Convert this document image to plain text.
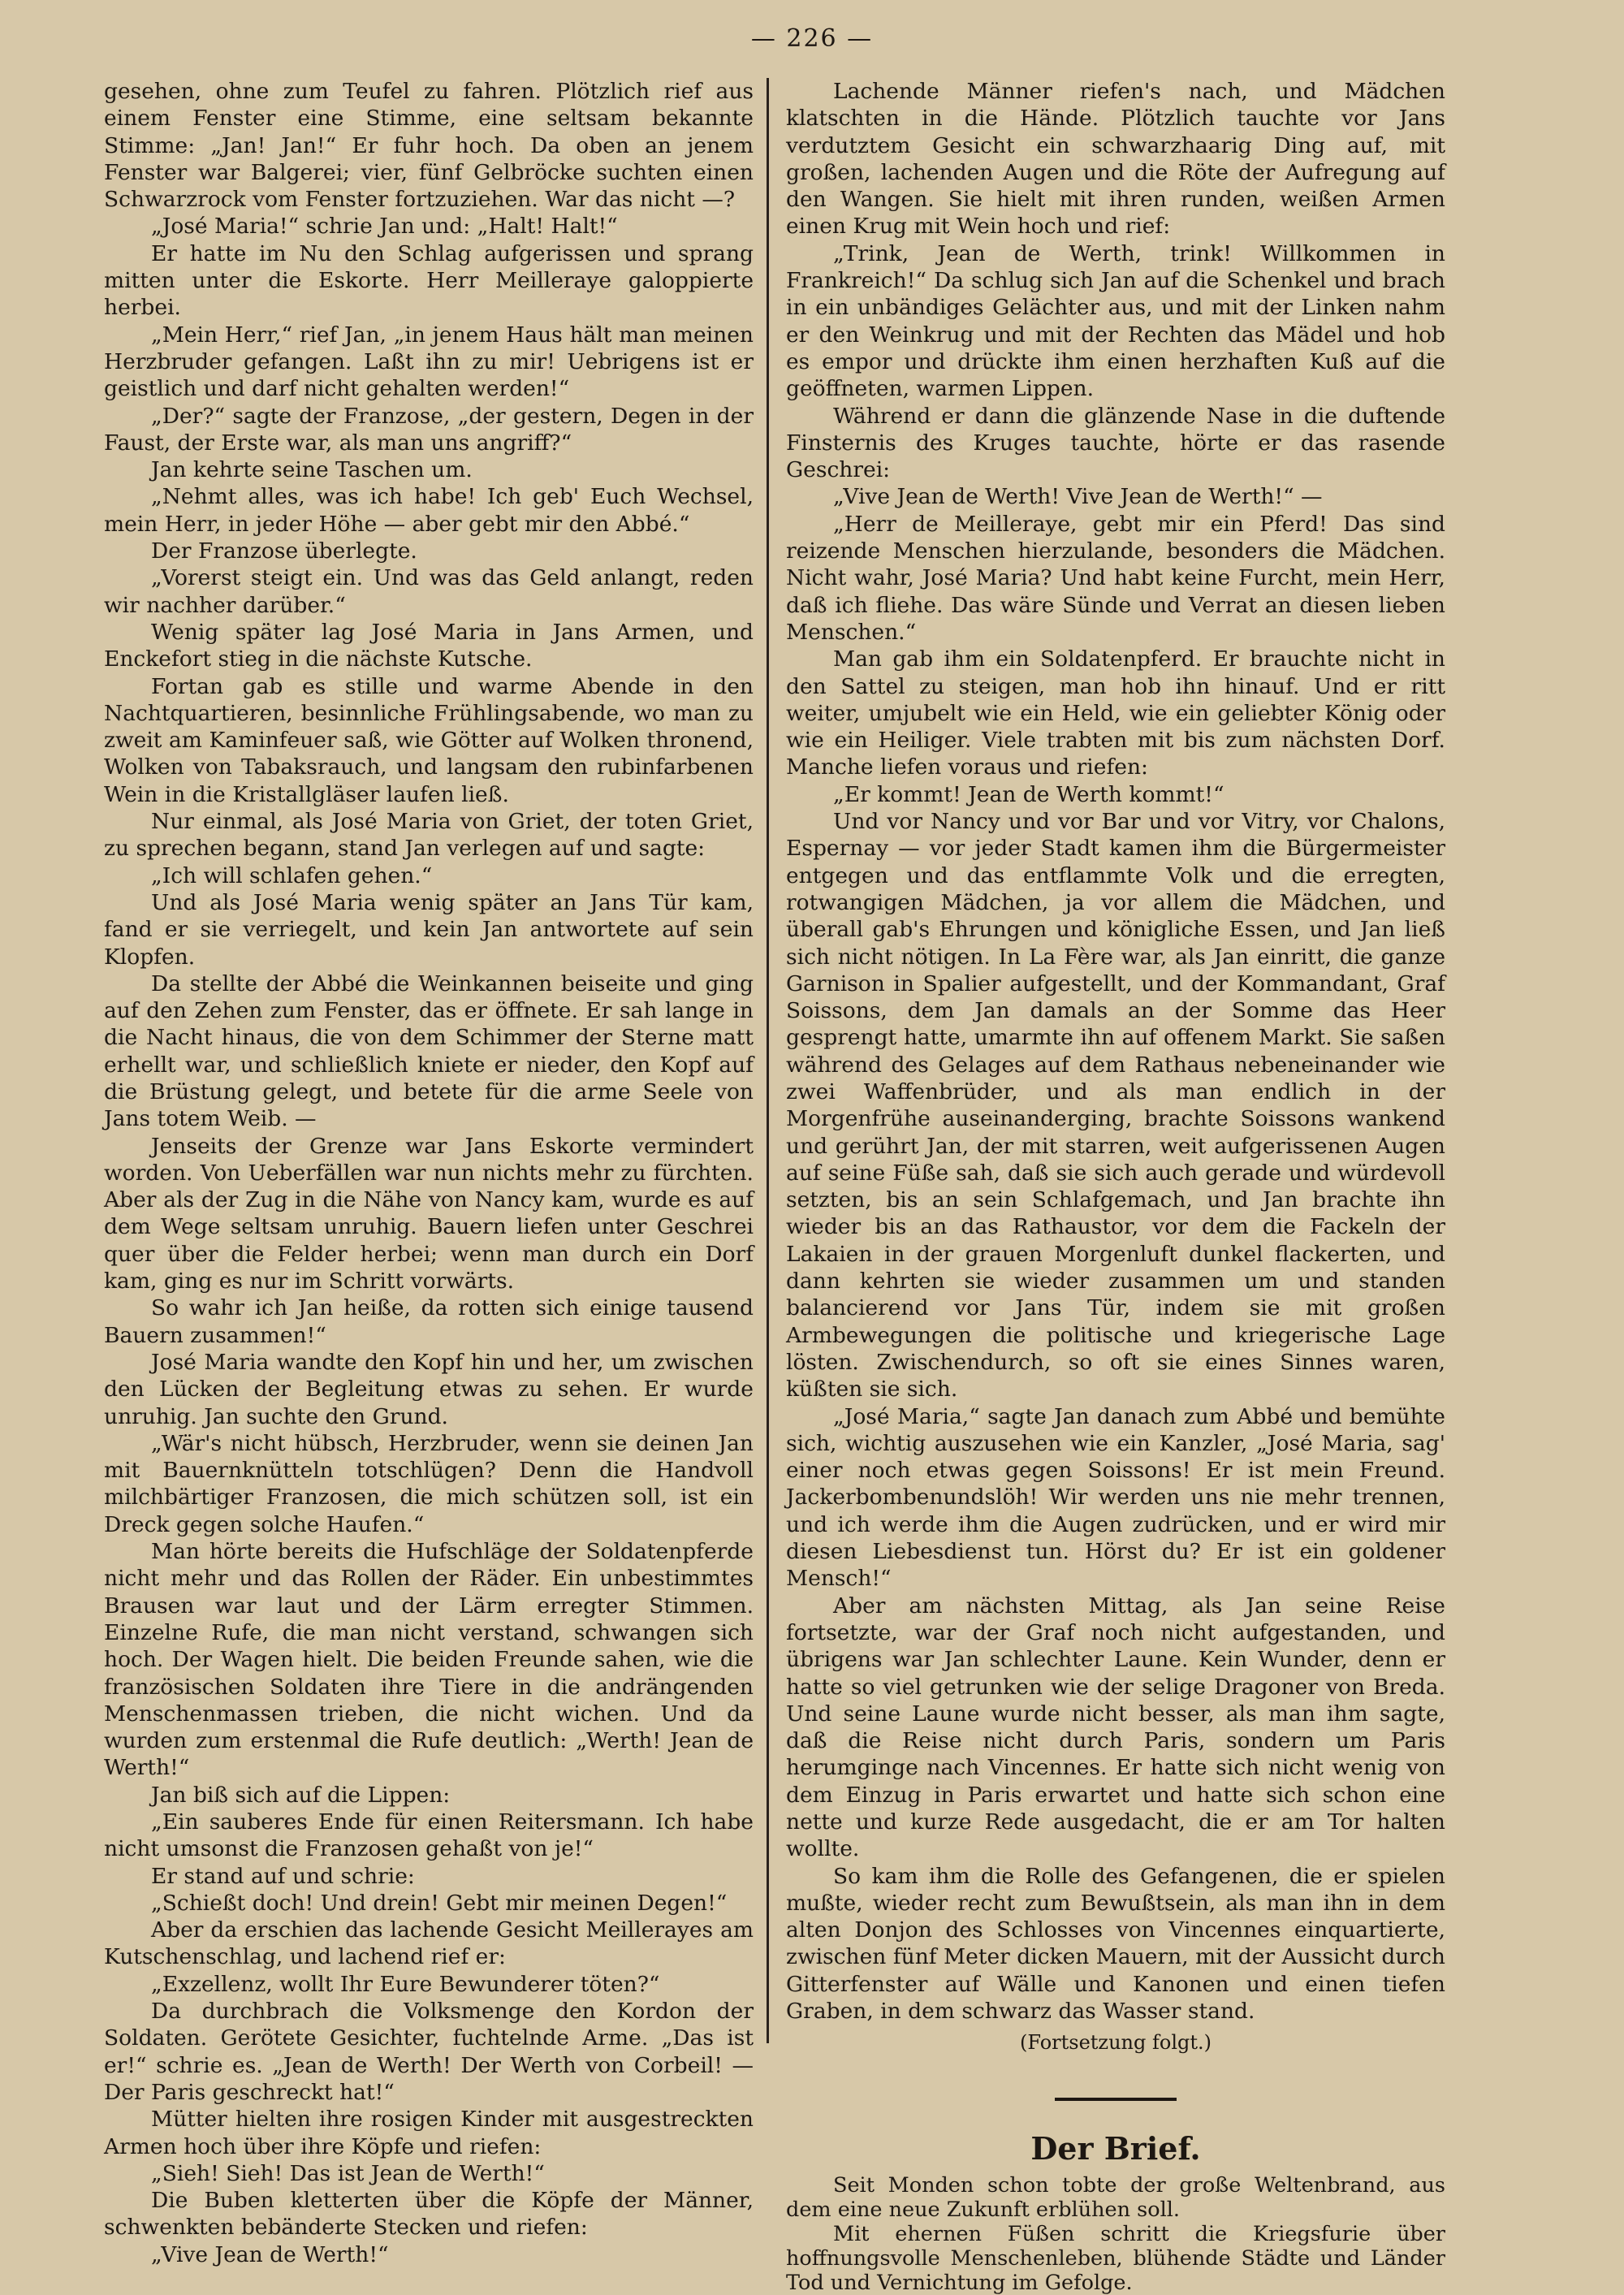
— 226 —

gesehen, ohne zum Teufel zu fahren. Plötzlich rief aus einem Fenster eine Stimme, eine seltsam bekannte Stimme: „Jan! Jan!“ Er fuhr hoch. Da oben an jenem Fenster war Balgerei; vier, fünf Gelbröcke suchten einen Schwarzrock vom Fenster fortzuziehen. War das nicht —?

„José Maria!“ schrie Jan und: „Halt! Halt!“

Er hatte im Nu den Schlag aufgerissen und sprang mitten unter die Eskorte. Herr Meilleraye galoppierte herbei.

„Mein Herr,“ rief Jan, „in jenem Haus hält man meinen Herzbruder gefangen. Laßt ihn zu mir! Uebrigens ist er geistlich und darf nicht gehalten werden!“

„Der?“ sagte der Franzose, „der gestern, Degen in der Faust, der Erste war, als man uns angriff?“

Jan kehrte seine Taschen um.

„Nehmt alles, was ich habe! Ich geb' Euch Wechsel, mein Herr, in jeder Höhe — aber gebt mir den Abbé.“

Der Franzose überlegte.

„Vorerst steigt ein. Und was das Geld anlangt, reden wir nachher darüber.“

Wenig später lag José Maria in Jans Armen, und Enckefort stieg in die nächste Kutsche.

Fortan gab es stille und warme Abende in den Nachtquartieren, besinnliche Frühlingsabende, wo man zu zweit am Kaminfeuer saß, wie Götter auf Wolken thronend, Wolken von Tabaksrauch, und langsam den rubinfarbenen Wein in die Kristallgläser laufen ließ.

Nur einmal, als José Maria von Griet, der toten Griet, zu sprechen begann, stand Jan verlegen auf und sagte:

„Ich will schlafen gehen.“

Und als José Maria wenig später an Jans Tür kam, fand er sie verriegelt, und kein Jan antwortete auf sein Klopfen.

Da stellte der Abbé die Weinkannen beiseite und ging auf den Zehen zum Fenster, das er öffnete. Er sah lange in die Nacht hinaus, die von dem Schimmer der Sterne matt erhellt war, und schließlich kniete er nieder, den Kopf auf die Brüstung gelegt, und betete für die arme Seele von Jans totem Weib. —

Jenseits der Grenze war Jans Eskorte vermindert worden. Von Ueberfällen war nun nichts mehr zu fürchten. Aber als der Zug in die Nähe von Nancy kam, wurde es auf dem Wege seltsam unruhig. Bauern liefen unter Geschrei quer über die Felder herbei; wenn man durch ein Dorf kam, ging es nur im Schritt vorwärts.

So wahr ich Jan heiße, da rotten sich einige tausend Bauern zusammen!“

José Maria wandte den Kopf hin und her, um zwischen den Lücken der Begleitung etwas zu sehen. Er wurde unruhig. Jan suchte den Grund.

„Wär's nicht hübsch, Herzbruder, wenn sie deinen Jan mit Bauernknütteln totschlügen? Denn die Handvoll milchbärtiger Franzosen, die mich schützen soll, ist ein Dreck gegen solche Haufen.“

Man hörte bereits die Hufschläge der Soldatenpferde nicht mehr und das Rollen der Räder. Ein unbestimmtes Brausen war laut und der Lärm erregter Stimmen. Einzelne Rufe, die man nicht verstand, schwangen sich hoch. Der Wagen hielt. Die beiden Freunde sahen, wie die französischen Soldaten ihre Tiere in die andrängenden Menschenmassen trieben, die nicht wichen. Und da wurden zum erstenmal die Rufe deutlich: „Werth! Jean de Werth!“

Jan biß sich auf die Lippen:

„Ein sauberes Ende für einen Reitersmann. Ich habe nicht umsonst die Franzosen gehaßt von je!“

Er stand auf und schrie:

„Schießt doch! Und drein! Gebt mir meinen Degen!“

Aber da erschien das lachende Gesicht Meillerayes am Kutschenschlag, und lachend rief er:

„Exzellenz, wollt Ihr Eure Bewunderer töten?“

Da durchbrach die Volksmenge den Kordon der Soldaten. Gerötete Gesichter, fuchtelnde Arme. „Das ist er!“ schrie es. „Jean de Werth! Der Werth von Corbeil! — Der Paris geschreckt hat!“

Mütter hielten ihre rosigen Kinder mit ausgestreckten Armen hoch über ihre Köpfe und riefen:

„Sieh! Sieh! Das ist Jean de Werth!“

Die Buben kletterten über die Köpfe der Männer, schwenkten bebänderte Stecken und riefen:

„Vive Jean de Werth!“

Lachende Männer riefen's nach, und Mädchen klatschten in die Hände. Plötzlich tauchte vor Jans verdutztem Gesicht ein schwarzhaarig Ding auf, mit großen, lachenden Augen und die Röte der Aufregung auf den Wangen. Sie hielt mit ihren runden, weißen Armen einen Krug mit Wein hoch und rief:

„Trink, Jean de Werth, trink! Willkommen in Frankreich!“ Da schlug sich Jan auf die Schenkel und brach in ein unbändiges Gelächter aus, und mit der Linken nahm er den Weinkrug und mit der Rechten das Mädel und hob es empor und drückte ihm einen herzhaften Kuß auf die geöffneten, warmen Lippen.

Während er dann die glänzende Nase in die duftende Finsternis des Kruges tauchte, hörte er das rasende Geschrei:

„Vive Jean de Werth! Vive Jean de Werth!“ —

„Herr de Meilleraye, gebt mir ein Pferd! Das sind reizende Menschen hierzulande, besonders die Mädchen. Nicht wahr, José Maria? Und habt keine Furcht, mein Herr, daß ich fliehe. Das wäre Sünde und Verrat an diesen lieben Menschen.“

Man gab ihm ein Soldatenpferd. Er brauchte nicht in den Sattel zu steigen, man hob ihn hinauf. Und er ritt weiter, umjubelt wie ein Held, wie ein geliebter König oder wie ein Heiliger. Viele trabten mit bis zum nächsten Dorf. Manche liefen voraus und riefen:

„Er kommt! Jean de Werth kommt!“

Und vor Nancy und vor Bar und vor Vitry, vor Chalons, Espernay — vor jeder Stadt kamen ihm die Bürgermeister entgegen und das entflammte Volk und die erregten, rotwangigen Mädchen, ja vor allem die Mädchen, und überall gab's Ehrungen und königliche Essen, und Jan ließ sich nicht nötigen. In La Fère war, als Jan einritt, die ganze Garnison in Spalier aufgestellt, und der Kommandant, Graf Soissons, dem Jan damals an der Somme das Heer gesprengt hatte, umarmte ihn auf offenem Markt. Sie saßen während des Gelages auf dem Rathaus nebeneinander wie zwei Waffenbrüder, und als man endlich in der Morgenfrühe auseinanderging, brachte Soissons wankend und gerührt Jan, der mit starren, weit aufgerissenen Augen auf seine Füße sah, daß sie sich auch gerade und würdevoll setzten, bis an sein Schlafgemach, und Jan brachte ihn wieder bis an das Rathaustor, vor dem die Fackeln der Lakaien in der grauen Morgenluft dunkel flackerten, und dann kehrten sie wieder zusammen um und standen balancierend vor Jans Tür, indem sie mit großen Armbewegungen die politische und kriegerische Lage lösten. Zwischendurch, so oft sie eines Sinnes waren, küßten sie sich.

„José Maria,“ sagte Jan danach zum Abbé und bemühte sich, wichtig auszusehen wie ein Kanzler, „José Maria, sag' einer noch etwas gegen Soissons! Er ist mein Freund. Jackerbombenundslöh! Wir werden uns nie mehr trennen, und ich werde ihm die Augen zudrücken, und er wird mir diesen Liebesdienst tun. Hörst du? Er ist ein goldener Mensch!“

Aber am nächsten Mittag, als Jan seine Reise fortsetzte, war der Graf noch nicht aufgestanden, und übrigens war Jan schlechter Laune. Kein Wunder, denn er hatte so viel getrunken wie der selige Dragoner von Breda. Und seine Laune wurde nicht besser, als man ihm sagte, daß die Reise nicht durch Paris, sondern um Paris herumginge nach Vincennes. Er hatte sich nicht wenig von dem Einzug in Paris erwartet und hatte sich schon eine nette und kurze Rede ausgedacht, die er am Tor halten wollte.

So kam ihm die Rolle des Gefangenen, die er spielen mußte, wieder recht zum Bewußtsein, als man ihn in dem alten Donjon des Schlosses von Vincennes einquartierte, zwischen fünf Meter dicken Mauern, mit der Aussicht durch Gitterfenster auf Wälle und Kanonen und einen tiefen Graben, in dem schwarz das Wasser stand.

(Fortsetzung folgt.)

Der Brief.

Seit Monden schon tobte der große Weltenbrand, aus dem eine neue Zukunft erblühen soll.

Mit ehernen Füßen schritt die Kriegsfurie über hoffnungsvolle Menschenleben, blühende Städte und Länder Tod und Vernichtung im Gefolge.
